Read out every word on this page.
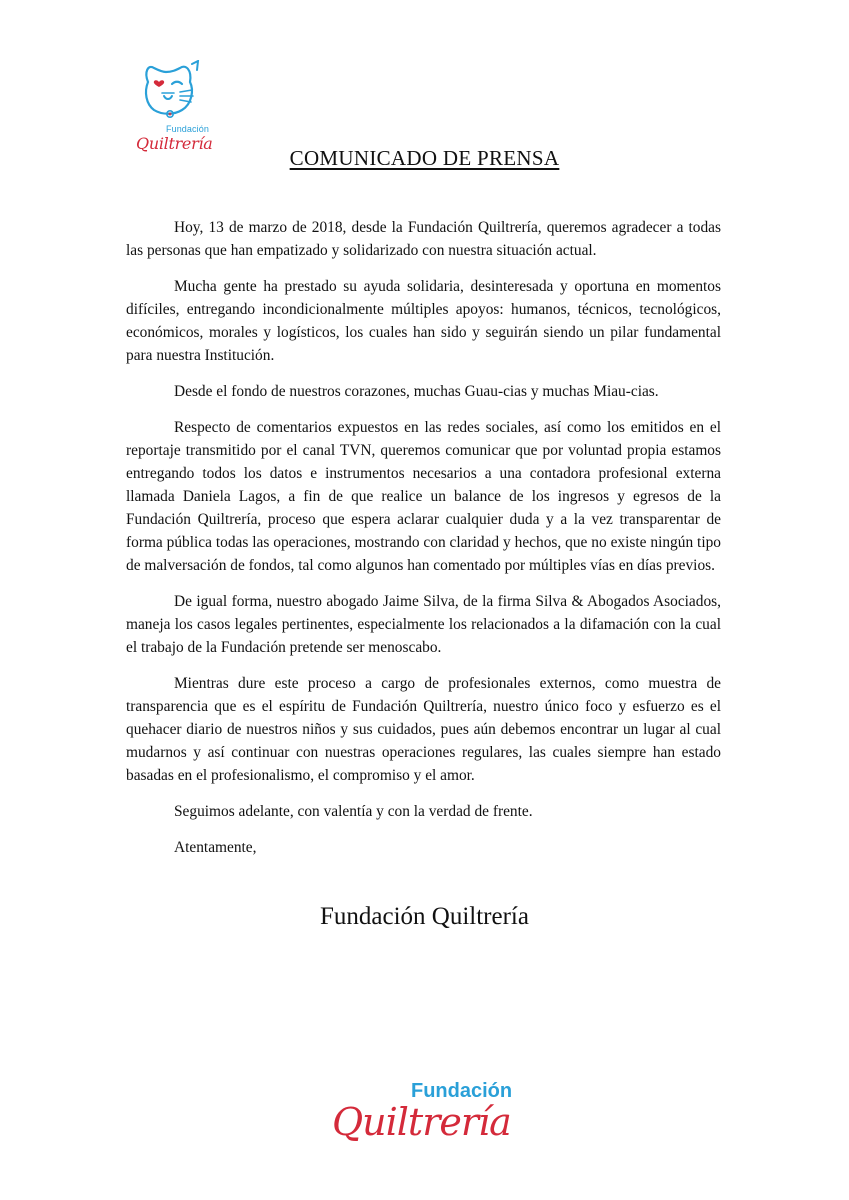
Fundación
Quiltrería
COMUNICADO DE PRENSA

Hoy, 13 de marzo de 2018, desde la Fundación Quiltrería, queremos agradecer a todas las personas que han empatizado y solidarizado con nuestra situación actual.

Mucha gente ha prestado su ayuda solidaria, desinteresada y oportuna en momentos difíciles, entregando incondicionalmente múltiples apoyos: humanos, técnicos, tecnológicos, económicos, morales y logísticos, los cuales han sido y seguirán siendo un pilar fundamental para nuestra Institución.

Desde el fondo de nuestros corazones, muchas Guau-cias y muchas Miau-cias.

Respecto de comentarios expuestos en las redes sociales, así como los emitidos en el reportaje transmitido por el canal TVN, queremos comunicar que por voluntad propia estamos entregando todos los datos e instrumentos necesarios a una contadora profesional externa llamada Daniela Lagos, a fin de que realice un balance de los ingresos y egresos de la Fundación Quiltrería, proceso que espera aclarar cualquier duda y a la vez transparentar de forma pública todas las operaciones, mostrando con claridad y hechos, que no existe ningún tipo de malversación de fondos, tal como algunos han comentado por múltiples vías en días previos.

De igual forma, nuestro abogado Jaime Silva, de la firma Silva & Abogados Asociados, maneja los casos legales pertinentes, especialmente los relacionados a la difamación con la cual el trabajo de la Fundación pretende ser menoscabo.

Mientras dure este proceso a cargo de profesionales externos, como muestra de transparencia que es el espíritu de Fundación Quiltrería, nuestro único foco y esfuerzo es el quehacer diario de nuestros niños y sus cuidados, pues aún debemos encontrar un lugar al cual mudarnos y así continuar con nuestras operaciones regulares, las cuales siempre han estado basadas en el profesionalismo, el compromiso y el amor.

Seguimos adelante, con valentía y con la verdad de frente.

Atentamente,

Fundación Quiltrería
Fundación
Quiltrería
